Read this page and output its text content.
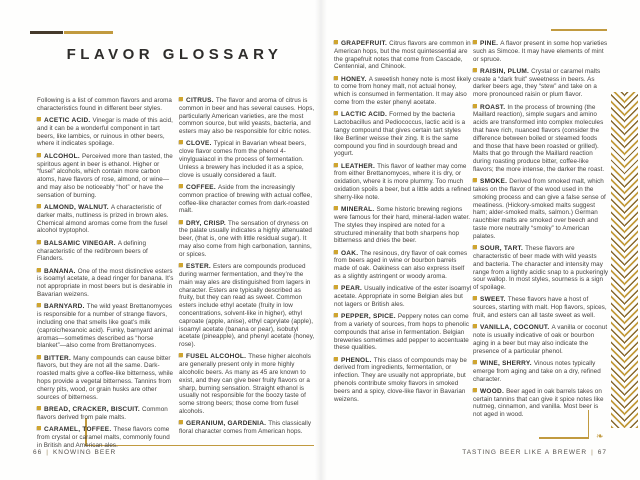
❧
FLAVOR GLOSSARY

Following is a list of common flavors and aroma characteristics found in different beer styles.

ACETIC ACID. Vinegar is made of this acid, and it can be a wonderful component in tart beers, like lambics, or ruinous in other beers, where it indicates spoilage.

ALCOHOL. Perceived more than tasted, the spiritous agent in beer is ethanol. Higher or “fusel” alcohols, which contain more carbon atoms, have flavors of rose, almond, or wine—and may also be noticeably “hot” or have the sensation of burning.

ALMOND, WALNUT. A characteristic of darker malts, nuttiness is prized in brown ales. Chemical almond aromas come from the fusel alcohol tryptophol.

BALSAMIC VINEGAR. A defining characteristic of the red/brown beers of Flanders.

BANANA. One of the most distinctive esters is isoamyl acetate, a dead ringer for banana. It’s not appropriate in most beers but is desirable in Bavarian weizens.

BARNYARD. The wild yeast Brettanomyces is responsible for a number of strange flavors, including one that smells like goat’s milk (caproic/hexanoic acid). Funky, barnyard animal aromas—sometimes described as “horse blanket”—also come from Brettanomyces.

BITTER. Many compounds can cause bitter flavors, but they are not all the same. Dark-roasted malts give a coffee-like bitterness, while hops provide a vegetal bitterness. Tannins from cherry pits, wood, or grain husks are other sources of bitterness.

BREAD, CRACKER, BISCUIT. Common flavors derived from pale malts.

CARAMEL, TOFFEE. These flavors come from crystal or caramel malts, commonly found in British and American ales.

CITRUS. The flavor and aroma of citrus is common in beer and has several causes. Hops, particularly American varieties, are the most common source, but wild yeasts, bacteria, and esters may also be responsible for citric notes.

CLOVE. Typical in Bavarian wheat beers, clove flavor comes from the phenol 4-vinylguaiacol in the process of fermentation. Unless a brewery has included it as a spice, clove is usually considered a fault.

COFFEE. Aside from the increasingly common practice of brewing with actual coffee, coffee-like character comes from dark-roasted malt.

DRY, CRISP. The sensation of dryness on the palate usually indicates a highly attenuated beer, (that is, one with little residual sugar). It may also come from high carbonation, tannins, or spices.

ESTER. Esters are compounds produced during warmer fermentation, and they’re the main way ales are distinguished from lagers in character. Esters are typically described as fruity, but they can read as sweet. Common esters include ethyl acetate (fruity in low concentrations, solvent-like in higher), ethyl caproate (apple, anise), ethyl caprylate (apple), isoamyl acetate (banana or pear), isobutyl acetate (pineapple), and phenyl acetate (honey, rose).

FUSEL ALCOHOL. These higher alcohols are generally present only in more highly alcoholic beers. As many as 45 are known to exist, and they can give beer fruity flavors or a sharp, burning sensation. Straight ethanol is usually not responsible for the boozy taste of some strong beers; those come from fusel alcohols.

GERANIUM, GARDENIA. This classically floral character comes from American hops.

GRAPEFRUIT. Citrus flavors are common in American hops, but the most quintessential are the grapefruit notes that come from Cascade, Centennial, and Chinook.

HONEY. A sweetish honey note is most likely to come from honey malt, not actual honey, which is consumed in fermentation. It may also come from the ester phenyl acetate.

LACTIC ACID. Formed by the bacteria Lactobacillus and Pediococcus, lactic acid is a tangy compound that gives certain tart styles like Berliner weisse their zing. It is the same compound you find in sourdough bread and yogurt.

LEATHER. This flavor of leather may come from either Brettanomyces, where it is dry, or oxidation, where it is more plummy. Too much oxidation spoils a beer, but a little adds a refined sherry-like note.

MINERAL. Some historic brewing regions were famous for their hard, mineral-laden water. The styles they inspired are noted for a structured minerality that both sharpens hop bitterness and dries the beer.

OAK. The resinous, dry flavor of oak comes from beers aged in wine or bourbon barrels made of oak. Oakiness can also express itself as a slightly astringent or woody aroma.

PEAR. Usually indicative of the ester isoamyl acetate. Appropriate in some Belgian ales but not lagers or British ales.

PEPPER, SPICE. Peppery notes can come from a variety of sources, from hops to phenolic compounds that arise in fermentation. Belgian breweries sometimes add pepper to accentuate these qualities.

PHENOL. This class of compounds may be derived from ingredients, fermentation, or infection. They are usually not appropriate, but phenols contribute smoky flavors in smoked beers and a spicy, clove-like flavor in Bavarian weizens.

PINE. A flavor present in some hop varieties such as Simcoe. It may have elements of mint or spruce.

RAISIN, PLUM. Crystal or caramel malts create a “dark fruit” sweetness in beers. As darker beers age, they “stew” and take on a more pronounced raisin or plum flavor.

ROAST. In the process of browning (the Maillard reaction), simple sugars and amino acids are transformed into complex molecules that have rich, nuanced flavors (consider the difference between boiled or steamed foods and those that have been roasted or grilled). Malts that go through the Maillard reaction during roasting produce bitter, coffee-like flavors; the more intense, the darker the roast.

SMOKE. Derived from smoked malt, which takes on the flavor of the wood used in the smoking process and can give a false sense of meatiness. (Hickory-smoked malts suggest ham; alder-smoked malts, salmon.) German rauchbier malts are smoked over beech and taste more neutrally “smoky” to American palates.

SOUR, TART. These flavors are characteristic of beer made with wild yeasts and bacteria. The character and intensity may range from a lightly acidic snap to a puckeringly sour wallop. In most styles, sourness is a sign of spoilage.

SWEET. These flavors have a host of sources, starting with malt. Hop flavors, spices, fruit, and esters can all taste sweet as well.

VANILLA, COCONUT. A vanilla or coconut note is usually indicative of oak or bourbon aging in a beer but may also indicate the presence of a particular phenol.

WINE, SHERRY. Vinous notes typically emerge from aging and take on a dry, refined character.

WOOD. Beer aged in oak barrels takes on certain tannins that can give it spice notes like nutmeg, cinnamon, and vanilla. Most beer is not aged in wood.

66 | KNOWING BEER	TASTING BEER LIKE A BREWER | 67
